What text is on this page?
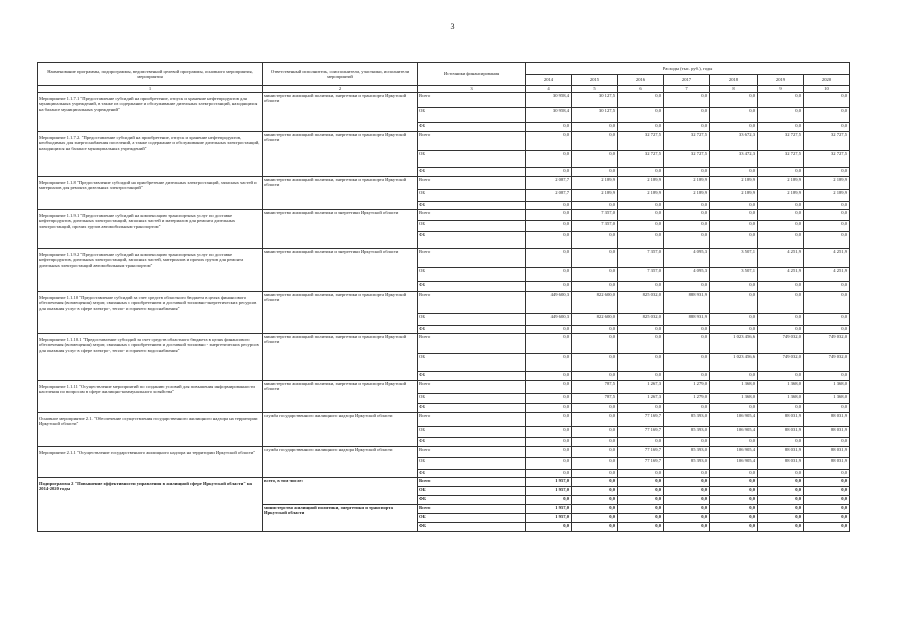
3
Наименование программы, подпрограммы, ведомственной целевой программы, основного мероприятия, мероприятия	Ответственный исполнитель, соисполнители, участники, исполнители мероприятий	Источники финансирования	Расходы (тыс. руб.), годы						
			2014	2015	2016	2017	2018	2019	2020
1	2	3	4	5	6	7	8	9	10
Мероприятие 1.1.7.1 "Предоставление субсидий на приобретение, отпуск и хранение нефтепродуктов для муниципальных учреждений, в также из содержание и обслуживание дизельных электростанций, находящихся на балансе муниципальных учреждений"	министерство жилищной политики, энергетики и транспорта Иркутской области	Всего	30 958,4	30 127,5	0,0	0,0	0,0	0,0	0,0
		ОБ	30 958,4	30 127,5	0,0	0,0	0,0	0,0	0,0
		ФБ	0,0	0,0	0,0	0,0	0,0	0,0	0,0
Мероприятие 1.1.7.2. "Предоставление субсидий на приобретение, отпуск и хранение нефтепродуктов, необходимых для энергоснабжения поселений, а также содержание и обслуживание дизельных электростанций, находящихся на балансе муниципальных учреждений"	министерство жилищной политики, энергетики и транспорта Иркутской области	Всего	0,0	0,0	32 727,5	32 727,5	33 672,3	32 727,5	32 727,5
		ОБ	0,0	0,0	32 727,5	32 727,5	33 472,3	32 727,5	32 727,5
		ФБ	0,0	0,0	0,0	0,0	0,0	0,0	0,0
Мероприятие 1.1.8 "Предоставление субсидий на приобретение дизельных электростанций, запасных частей и материалов для ремонта дизельных электростанций"	министерство жилищной политики, энергетики и транспорта Иркутской области	Всего	2 087,7	2 189,9	2 189,9	2 189,9	2 189,9	2 189,9	2 189,9
		ОБ	2 087,7	2 189,9	2 189,9	2 189,9	2 189,9	2 189,9	2 189,9
		ФБ	0,0	0,0	0,0	0,0	0,0	0,0	0,0
Мероприятие 1.1.9.1 "Предоставление субсидий на компенсацию транспортных услуг по доставке нефтепродуктов, дизельных электростанций, запасных частей и материалов для ремонта дизельных электростанций, прочих грузов автомобильным транспортом"	министерство жилищной политики и энергетики Иркутской области	Всего	0,0	7 357,0	0,0	0,0	0,0	0,0	0,0
		ОБ	0,0	7 357,0	0,0	0,0	0,0	0,0	0,0
		ФБ	0,0	0,0	0,0	0,0	0,0	0,0	0,0
Мероприятие 1.1.9.2 "Предоставление субсидий на компенсацию транспортных услуг по доставке нефтепродуктов, дизельных электростанций, запасных частей, материалов и прочих грузов для ремонта дизельных электростанций автомобильным транспортом"	министерство жилищной политики и энергетики Иркутской области	Всего	0,0	0,0	7 357,0	4 095,3	3 507,1	4 251,9	4 251,9
		ОБ	0,0	0,0	7 357,0	4 095,3	3 507,1	4 251,9	4 251,9
		ФБ	0,0	0,0	0,0	0,0	0,0	0,0	0,0
Мероприятие 1.1.10 "Предоставление субсидий за счет средств областного бюджета в целях финансового обеспечения (возмещения) затрат, связанных с приобретением и доставкой топливно-энергетических ресурсов для оказания услуг в сфере электро-, тепло- и горячего водоснабжения"	министерство жилищной политики, энергетики и транспорта Иркутской области	Всего	449 600,3	822 600,0	825 032,0	888 931,9	0,0	0,0	0,0
		ОБ	449 600,3	822 600,0	825 032,0	888 931,9	0,0	0,0	0,0
		ФБ	0,0	0,0	0,0	0,0	0,0	0,0	0,0
Мероприятие 1.1.10.1 "Предоставление субсидий за счет средств областного бюджета в целях финансового обеспечения (возмещения) затрат, связанных с приобретением и доставкой топливно - энергетических ресурсов для оказания услуг в сфере электро-, тепло- и горячего водоснабжения"	министерство жилищной политики, энергетики и транспорта Иркутской области	Всего	0,0	0,0	0,0	0,0	1 023 456,6	749 032,0	749 032,0
		ОБ	0,0	0,0	0,0	0,0	1 023 456,6	749 032,0	749 032,0
		ФБ	0,0	0,0	0,0	0,0	0,0	0,0	0,0
Мероприятие 1.1.11 "Осуществление мероприятий по созданию условий для повышения информированности населения по вопросам в сфере жилищно-коммунального хозяйства"	министерство жилищной политики, энергетики и транспорта Иркутской области	Всего	0,0	787,5	1 267,3	1 279,0	1 368,0	1 368,0	1 368,0
		ОБ	0,0	787,5	1 267,3	1 279,0	1 368,0	1 368,0	1 368,0
		ФБ	0,0	0,0	0,0	0,0	0,0	0,0	0,0
Основное мероприятие 2.1. "Обеспечение осуществления государственного жилищного надзора на территории Иркутской области"	служба государственного жилищного надзора Иркутской области	Всего	0,0	0,0	77 169,7	85 393,0	106 905,4	88 031,9	88 031,9
		ОБ	0,0	0,0	77 169,7	85 393,0	106 905,4	88 031,9	88 031,9
		ФБ	0,0	0,0	0,0	0,0	0,0	0,0	0,0
Мероприятие 2.1.1 "Осуществление государственного жилищного надзора на территории Иркутской области"	служба государственного жилищного надзора Иркутской области	Всего	0,0	0,0	77 169,7	85 393,0	106 905,4	88 031,9	88 031,9
		ОБ	0,0	0,0	77 169,7	85 393,0	106 905,4	88 031,9	88 031,9
		ФБ	0,0	0,0	0,0	0,0	0,0	0,0	0,0
Подпрограмма 2 "Повышение эффективности управления в жилищной сфере Иркутской области" на 2014-2020 годы	всего, в том числе:	Всего	1 957,0	0,0	0,0	0,0	0,0	0,0	0,0
		ОБ	1 957,0	0,0	0,0	0,0	0,0	0,0	0,0
		ФБ	0,0	0,0	0,0	0,0	0,0	0,0	0,0
	министерство жилищной политики, энергетики и транспорта Иркутской области	Всего	1 957,0	0,0	0,0	0,0	0,0	0,0	0,0
		ОБ	1 957,0	0,0	0,0	0,0	0,0	0,0	0,0
		ФБ	0,0	0,0	0,0	0,0	0,0	0,0	0,0
